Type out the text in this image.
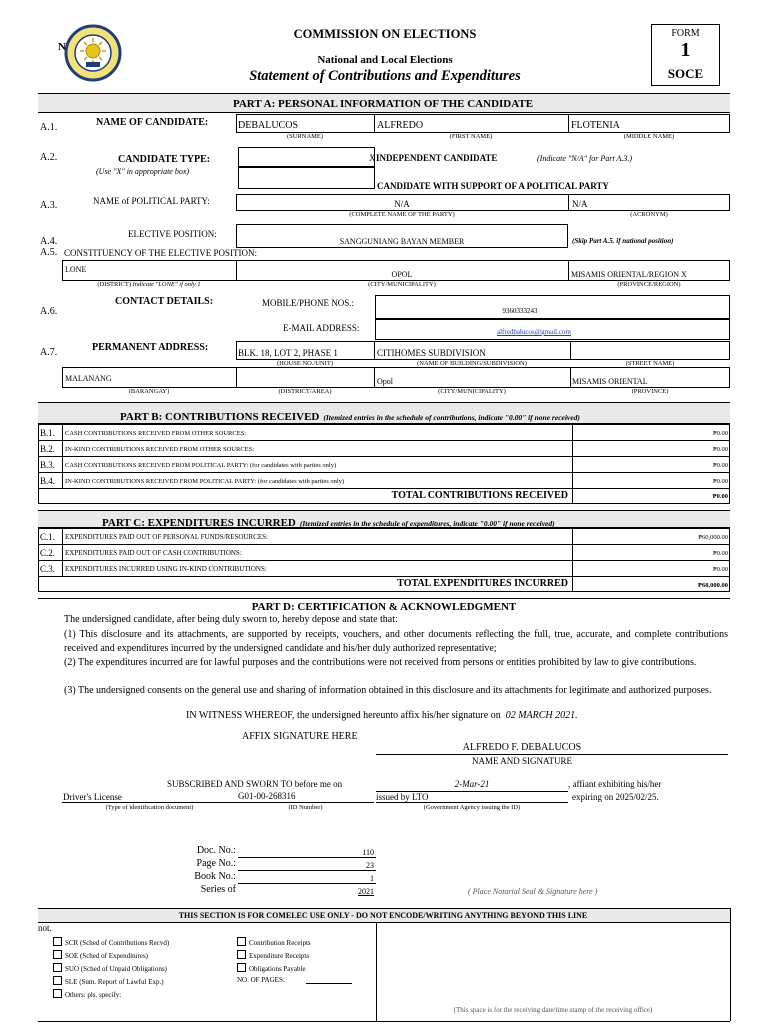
N
COMMISSION ON ELECTIONS
National and Local Elections
Statement of Contributions and Expenditures
FORM
1
SOCE
PART A: PERSONAL INFORMATION OF THE CANDIDATE
A.1.	NAME OF CANDIDATE:	DEBALUCOS	ALFREDO	FLOTENIA
(SURNAME)	(FIRST NAME)	(MIDDLE NAME)
A.2.	CANDIDATE TYPE:
(Use "X" in appropriate box)
X INDEPENDENT CANDIDATE	(Indicate "N/A" for Part A.3.)
CANDIDATE WITH SUPPORT OF A POLITICAL PARTY
A.3.	NAME of POLITICAL PARTY:	N/A	N/A
(COMPLETE NAME OF THE PARTY)	(ACRONYM)
A.4.
ELECTIVE POSITION:
SANGGUNIANG BAYAN MEMBER	(Skip Part A.5. if national position)
A.5. CONSTITUENCY OF THE ELECTIVE POSITION:
LONE
OPOL	MISAMIS ORIENTAL/REGION X
(DISTRICT) Indicate "LONE" if only 1	(CITY/MUNICIPALITY)	(PROVINCE/REGION)
A.6.
CONTACT DETAILS:	MOBILE/PHONE NOS.:
9360333243
E-MAIL ADDRESS:	alfredbalucos@gmail.com
A.7.	PERMANENT ADDRESS:	BLK. 18, LOT 2, PHASE 1	CITIHOMES SUBDIVISION
(HOUSE NO./UNIT)	(NAME OF BUILDING/SUBDIVISION)	(STREET NAME)
MALANANG	Opol	MISAMIS ORIENTAL
(BARANGAY)	(DISTRICT/AREA)	(CITY/MUNICIPALITY)	(PROVINCE)
PART B: CONTRIBUTIONS RECEIVED (Itemized entries in the schedule of contributions, indicate "0.00" if none received)
B.1. CASH CONTRIBUTIONS RECEIVED FROM OTHER SOURCES:	₱0.00
B.2. IN-KIND CONTRIBUTIONS RECEIVED FROM OTHER SOURCES:	₱0.00
B.3. CASH CONTRIBUTIONS RECEIVED FROM POLITICAL PARTY: (for candidates with parties only)	₱0.00
B.4. IN-KIND CONTRIBUTIONS RECEIVED FROM POLITICAL PARTY: (for candidates with parties only)	₱0.00
TOTAL CONTRIBUTIONS RECEIVED	₱0.00
PART C: EXPENDITURES INCURRED (Itemized entries in the schedule of expenditures, indicate "0.00" if none received)
C.1. EXPENDITURES PAID OUT OF PERSONAL FUNDS/RESOURCES:	₱60,000.00
C.2. EXPENDITURES PAID OUT OF CASH CONTRIBUTIONS:	₱0.00
C.3. EXPENDITURES INCURRED USING IN-KIND CONTRIBUTIONS:	₱0.00
TOTAL EXPENDITURES INCURRED	₱60,000.00
PART D: CERTIFICATION & ACKNOWLEDGMENT
The undersigned candidate, after being duly sworn to, hereby depose and state that:
(1) This disclosure and its attachments, are supported by receipts, vouchers, and other documents reflecting the full, true, accurate, and complete contributions received and expenditures incurred by the undersigned candidate and his/her duly authorized representative;
(2) The expenditures incurred are for lawful purposes and the contributions were not received from persons or entities prohibited by law to give contributions.
(3) The undersigned consents on the general use and sharing of information obtained in this disclosure and its attachments for legitimate and authorized purposes.
IN WITNESS WHEREOF, the undersigned hereunto affix his/her signature on 02 MARCH 2021.
AFFIX SIGNATURE HERE
ALFREDO F. DEBALUCOS
NAME AND SIGNATURE
SUBSCRIBED AND SWORN TO before me on	2-Mar-21	, affiant exhibiting his/her
Driver's License	G01-00-268316	issued by LTO	expiring on 2025/02/25.
(Type of identification document)	(ID Number)	(Government Agency issuing the ID)
Doc. No.:	110
Page No.:	23
Book No.:	1
Series of	2021	( Place Notarial Seal & Signature here )
THIS SECTION IS FOR COMELEC USE ONLY - DO NOT ENCODE/WRITING ANYTHING BEYOND THIS LINE
not.
SCR (Sched of Contributions Recvd)
SOE (Sched of Expenditures)
SUO (Sched of Unpaid Obligations)
SLE (Sum. Report of Lawful Exp.)
Others: pls. specify:
Contribution Receipts
Expenditure Receipts
Obligations Payable
NO. OF PAGES:
(This space is for the receiving date/time stamp of the receiving office)
